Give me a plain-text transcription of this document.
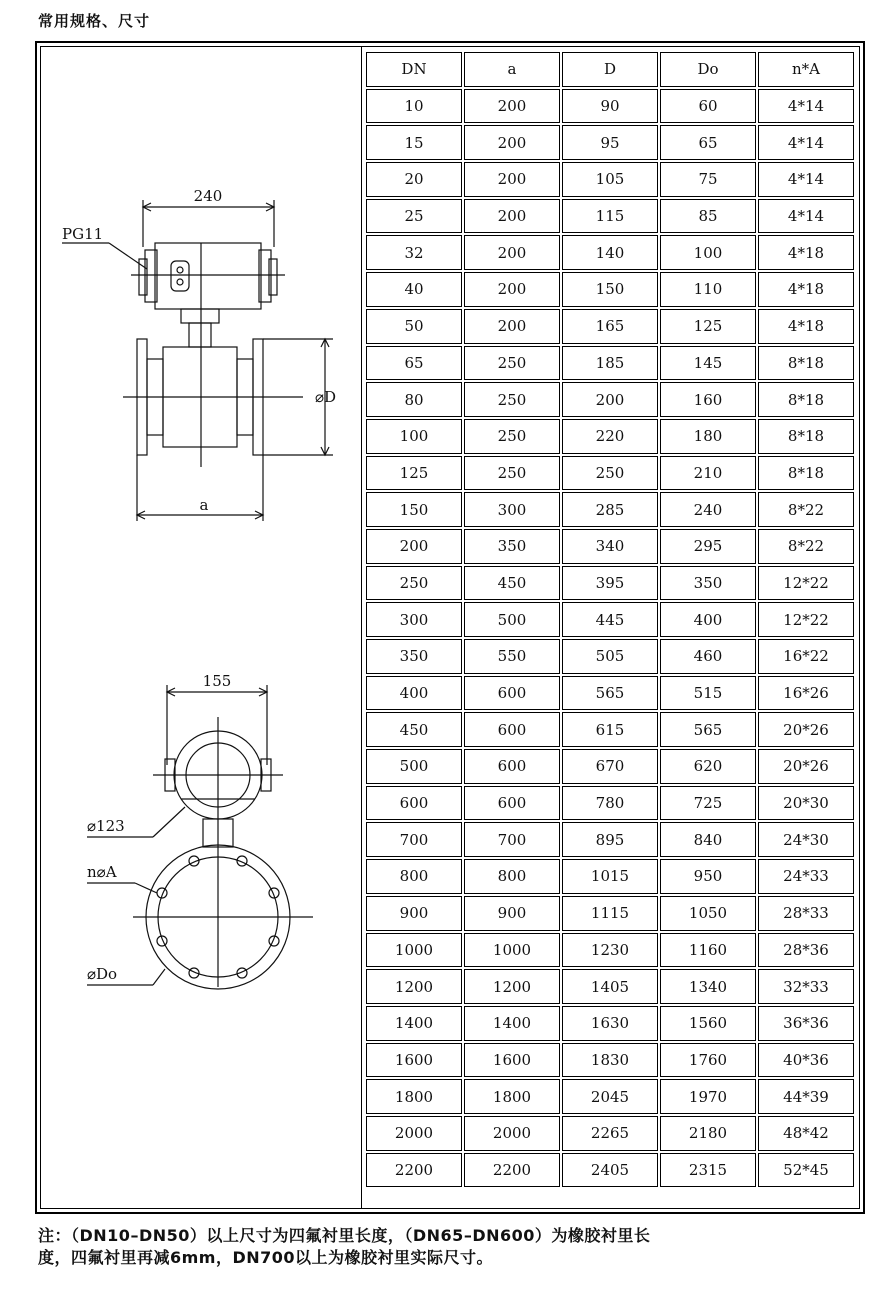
常用规格、尺寸
240
PG11
⌀D
a
155
⌀123
n⌀A
⌀Do
DN	a	D	Do	n*A
10	200	90	60	4*14
15	200	95	65	4*14
20	200	105	75	4*14
25	200	115	85	4*14
32	200	140	100	4*18
40	200	150	110	4*18
50	200	165	125	4*18
65	250	185	145	8*18
80	250	200	160	8*18
100	250	220	180	8*18
125	250	250	210	8*18
150	300	285	240	8*22
200	350	340	295	8*22
250	450	395	350	12*22
300	500	445	400	12*22
350	550	505	460	16*22
400	600	565	515	16*26
450	600	615	565	20*26
500	600	670	620	20*26
600	600	780	725	20*30
700	700	895	840	24*30
800	800	1015	950	24*33
900	900	1115	1050	28*33
1000	1000	1230	1160	28*36
1200	1200	1405	1340	32*33
1400	1400	1630	1560	36*36
1600	1600	1830	1760	40*36
1800	1800	2045	1970	44*39
2000	2000	2265	2180	48*42
2200	2200	2405	2315	52*45
注：（DN10–DN50）以上尺寸为四氟衬里长度，（DN65–DN600）为橡胶衬里长
度，四氟衬里再减6mm，DN700以上为橡胶衬里实际尺寸。
